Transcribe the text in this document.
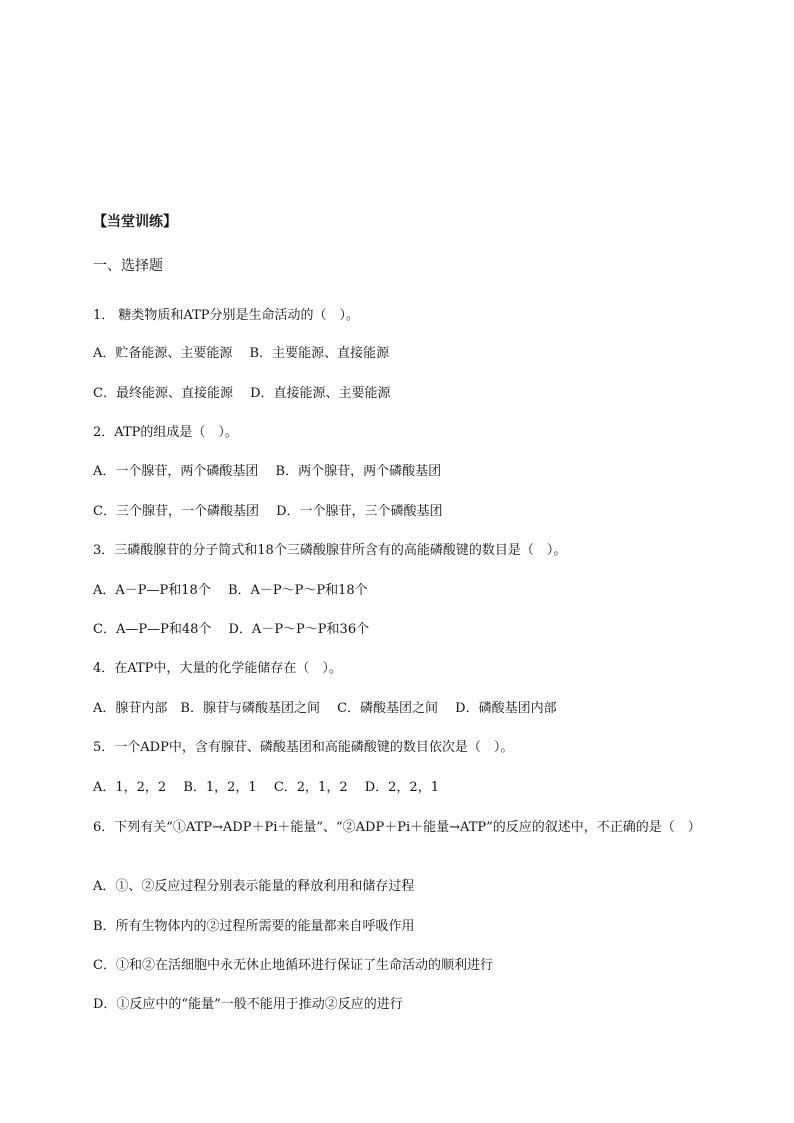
【当堂训练】
一、选择题
1． 糖类物质和ATP分别是生命活动的（　）。
A．贮备能源、主要能源　 B．主要能源、直接能源
C．最终能源、直接能源　 D．直接能源、主要能源
2．ATP的组成是（　）。
A．一个腺苷，两个磷酸基团　 B．两个腺苷，两个磷酸基团
C．三个腺苷，一个磷酸基团　 D．一个腺苷，三个磷酸基团
3．三磷酸腺苷的分子简式和18个三磷酸腺苷所含有的高能磷酸键的数目是（　）。
A．A－P—P和18个　 B．A－P～P～P和18个
C．A—P—P和48个　 D．A－P～P～P和36个
4．在ATP中，大量的化学能储存在（　）。
A．腺苷内部　B．腺苷与磷酸基团之间　 C．磷酸基团之间　 D．磷酸基团内部
5．一个ADP中，含有腺苷、磷酸基团和高能磷酸键的数目依次是（　）。
A．1，2，2　 B．1，2，1　 C．2，1，2　 D．2，2，1
6．下列有关“①ATP→ADP＋Pi＋能量”、“②ADP＋Pi＋能量→ATP”的反应的叙述中，不正确的是（　）
A．①、②反应过程分别表示能量的释放利用和储存过程
B．所有生物体内的②过程所需要的能量都来自呼吸作用
C．①和②在活细胞中永无休止地循环进行保证了生命活动的顺利进行
D．①反应中的“能量”一般不能用于推动②反应的进行
